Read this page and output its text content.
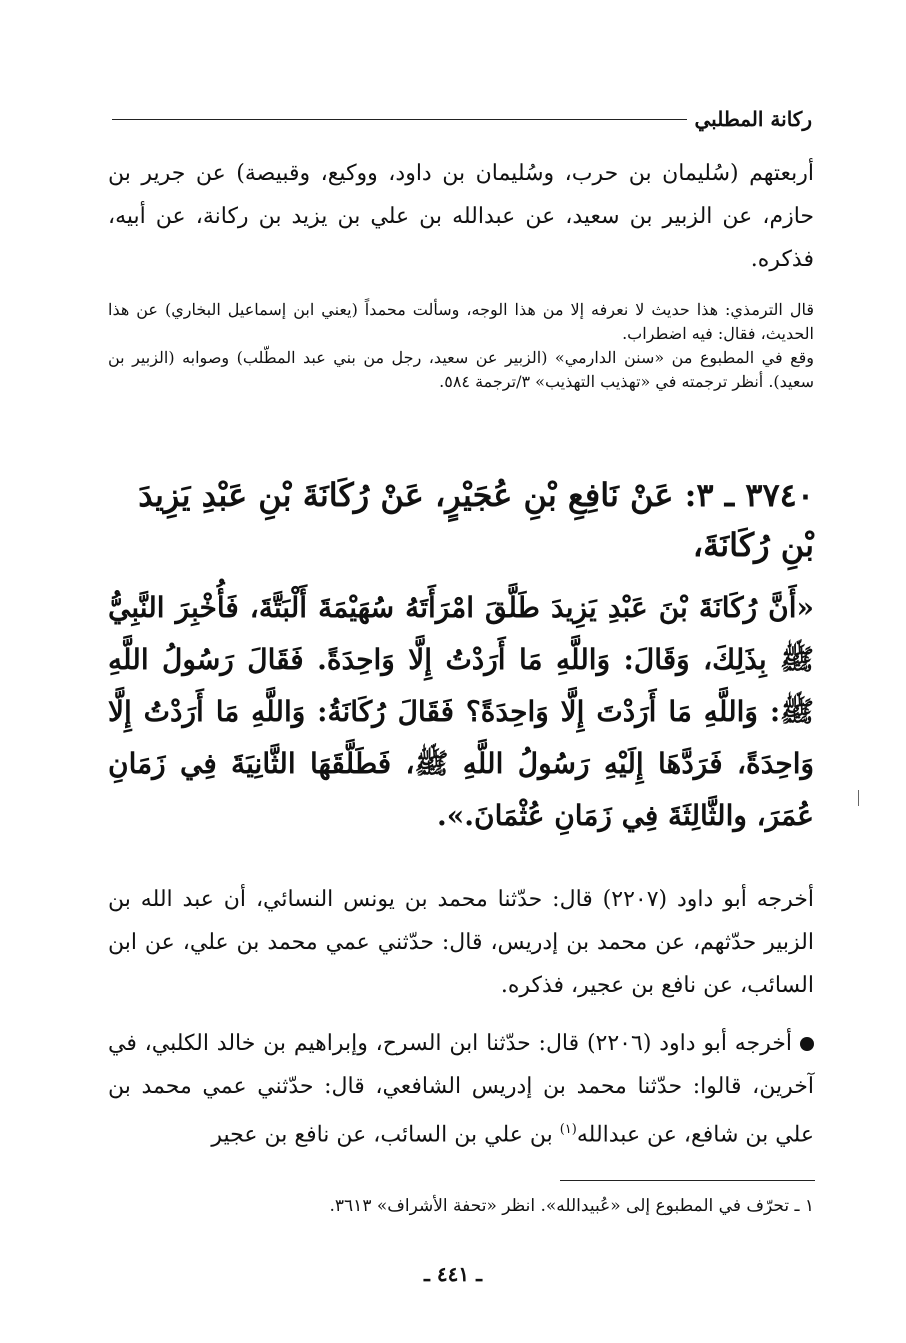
ركانة المطلبي
أربعتهم (سُليمان بن حرب، وسُليمان بن داود، ووكيع، وقبيصة) عن جرير بن حازم، عن الزبير بن سعيد، عن عبدالله بن علي بن يزيد بن ركانة، عن أبيه، فذكره.

قال الترمذي: هذا حديث لا نعرفه إلا من هذا الوجه، وسألت محمداً (يعني ابن إسماعيل البخاري) عن هذا الحديث، فقال: فيه اضطراب.

وقع في المطبوع من «سنن الدارمي» (الزبير عن سعيد، رجل من بني عبد المطّلب) وصوابه (الزبير بن سعيد). أنظر ترجمته في «تهذيب التهذيب» ٣/ترجمة ٥٨٤.

٣٧٤٠ ـ ٣: عَنْ نَافِعِ بْنِ عُجَيْرٍ، عَنْ رُكَانَةَ بْنِ عَبْدِ يَزِيدَ بْنِ رُكَانَةَ،
«أَنَّ رُكَانَةَ بْنَ عَبْدِ يَزِيدَ طَلَّقَ امْرَأَتَهُ سُهَيْمَةَ أَلْبَتَّةَ، فَأُخْبِرَ النَّبِيُّ ﷺ بِذَلِكَ، وَقَالَ: وَاللَّهِ مَا أَرَدْتُ إِلَّا وَاحِدَةً. فَقَالَ رَسُولُ اللَّهِ ﷺ: وَاللَّهِ مَا أَرَدْتَ إِلَّا وَاحِدَةً؟ فَقَالَ رُكَانَةُ: وَاللَّهِ مَا أَرَدْتُ إِلَّا وَاحِدَةً، فَرَدَّهَا إِلَيْهِ رَسُولُ اللَّهِ ﷺ، فَطَلَّقَهَا الثَّانِيَةَ فِي زَمَانِ عُمَرَ، والثَّالِثَةَ فِي زَمَانِ عُثْمَانَ.».
أخرجه أبو داود (٢٢٠٧) قال: حدّثنا محمد بن يونس النسائي، أن عبد الله بن الزبير حدّثهم، عن محمد بن إدريس، قال: حدّثني عمي محمد بن علي، عن ابن السائب، عن نافع بن عجير، فذكره.
أخرجه أبو داود (٢٢٠٦) قال: حدّثنا ابن السرح، وإبراهيم بن خالد الكلبي، في آخرين، قالوا: حدّثنا محمد بن إدريس الشافعي، قال: حدّثني عمي محمد بن علي بن شافع، عن عبدالله$^{(١)}$ بن علي بن السائب، عن نافع بن عجير
١ ـ تحرّف في المطبوع إلى «عُبيدالله». انظر «تحفة الأشراف» ٣٦١٣.
ـ ٤٤١ ـ
